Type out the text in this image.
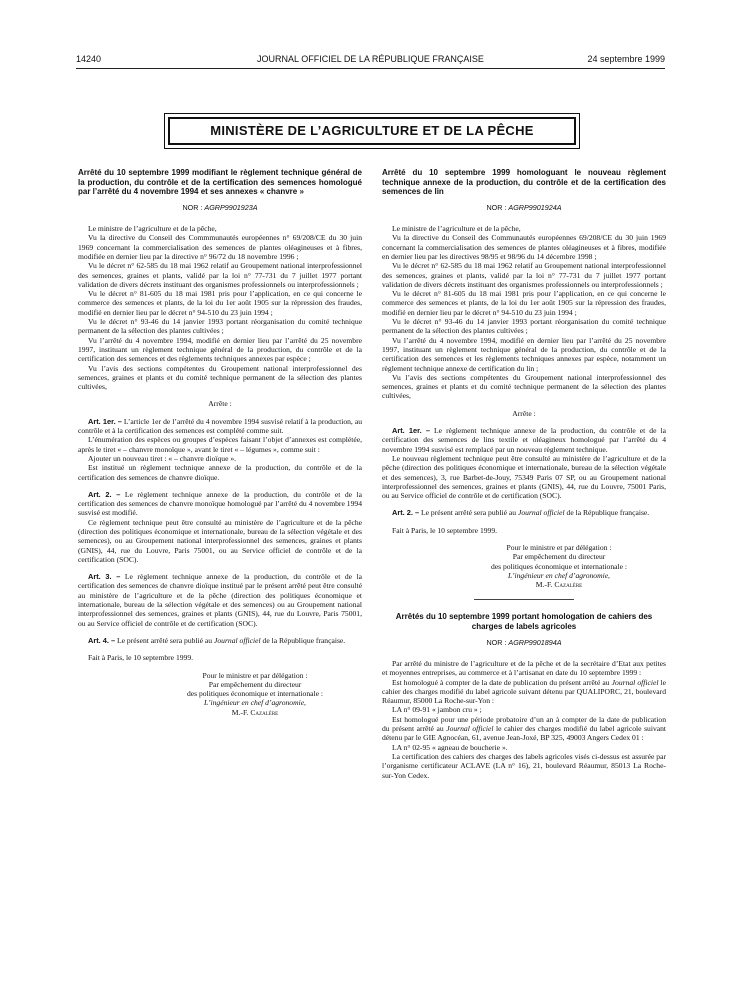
14240	JOURNAL OFFICIEL DE LA RÉPUBLIQUE FRANÇAISE	24 septembre 1999
MINISTÈRE DE L’AGRICULTURE ET DE LA PÊCHE
Arrêté du 10 septembre 1999 modifiant le règlement technique général de la production, du contrôle et de la certification des semences homologué par l’arrêté du 4 novembre 1994 et ses annexes « chanvre »
NOR : AGRP9901923A

Le ministre de l’agriculture et de la pêche,

Vu la directive du Conseil des Commmunautés européennes n° 69/208/CE du 30 juin 1969 concernant la commercialisation des semences de plantes oléagineuses et à fibres, modifiée en dernier lieu par la directive n° 96/72 du 18 novembre 1996 ;

Vu le décret n° 62-585 du 18 mai 1962 relatif au Groupement national interprofessionnel des semences, graines et plants, validé par la loi n° 77-731 du 7 juillet 1977 portant validation de divers décrets instituant des organismes professionnels ou interprofessionnels ;

Vu le décret n° 81-605 du 18 mai 1981 pris pour l’application, en ce qui concerne le commerce des semences et plants, de la loi du 1er août 1905 sur la répression des fraudes, modifié en dernier lieu par le décret n° 94-510 du 23 juin 1994 ;

Vu le décret n° 93-46 du 14 janvier 1993 portant réorganisation du comité technique permanent de la sélection des plantes cultivées ;

Vu l’arrêté du 4 novembre 1994, modifié en dernier lieu par l’arrêté du 25 novembre 1997, instituant un règlement technique général de la production, du contrôle et de la certification des semences et des règlements techniques annexes par espèce ;

Vu l’avis des sections compétentes du Groupement national interprofessionnel des semences, graines et plants et du comité technique permanent de la sélection des plantes cultivées,

Arrête :

Art. 1er. – L’article 1er de l’arrêté du 4 novembre 1994 susvisé relatif à la production, au contrôle et à la certification des semences est complété comme suit.

L’énumération des espèces ou groupes d’espèces faisant l’objet d’annexes est complétée, après le tiret « – chanvre monoïque », avant le tiret « – légumes », comme suit :

Ajouter un nouveau tiret : « – chanvre dioïque ».

Est institué un règlement technique annexe de la production, du contrôle et de la certification des semences de chanvre dioïque.

Art. 2. – Le règlement technique annexe de la production, du contrôle et de la certification des semences de chanvre monoïque homologué par l’arrêté du 4 novembre 1994 susvisé est modifié.

Ce règlement technique peut être consulté au ministère de l’agriculture et de la pêche (direction des politiques économique et internationale, bureau de la sélection végétale et des semences), ou au Groupement national interprofessionnel des semences, graines et plants (GNIS), 44, rue du Louvre, Paris 75001, ou au Service officiel de contrôle et de la certification (SOC).

Art. 3. – Le règlement technique annexe de la production, du contrôle et de la certification des semences de chanvre dioïque institué par le présent arrêté peut être consulté au ministère de l’agriculture et de la pêche (direction des politiques économique et internationale, bureau de la sélection végétale et des semences) ou au Groupement national interprofessionnel des semences, graines et plants (GNIS), 44, rue du Louvre, Paris 75001, ou au Service officiel de contrôle et de certification (SOC).

Art. 4. – Le présent arrêté sera publié au Journal officiel de la République française.

Fait à Paris, le 10 septembre 1999.

Pour le ministre et par délégation :

Par empêchement du directeur

des politiques économique et internationale :

L’ingénieur en chef d’agronomie,

M.-F. Cazalère

Arrêté du 10 septembre 1999 homologuant le nouveau règlement technique annexe de la production, du contrôle et de la certification des semences de lin
NOR : AGRP9901924A

Le ministre de l’agriculture et de la pêche,

Vu la directive du Conseil des Communautés européennes 69/208/CE du 30 juin 1969 concernant la commercialisation des semences de plantes oléagineuses et à fibres, modifiée en dernier lieu par les directives 98/95 et 98/96 du 14 décembre 1998 ;

Vu le décret n° 62-585 du 18 mai 1962 relatif au Groupement national interprofessionnel des semences, graines et plants, validé par la loi n° 77-731 du 7 juillet 1977 portant validation de divers décrets instituant des organismes professionnels ou interprofessionnels ;

Vu le décret n° 81-605 du 18 mai 1981 pris pour l’application, en ce qui concerne le commerce des semences et plants, de la loi du 1er août 1905 sur la répression des fraudes, modifié en dernier lieu par le décret n° 94-510 du 23 juin 1994 ;

Vu le décret n° 93-46 du 14 janvier 1993 portant réorganisation du comité technique permanent de la sélection des plantes cultivées ;

Vu l’arrêté du 4 novembre 1994, modifié en dernier lieu par l’arrêté du 25 novembre 1997, instituant un règlement technique général de la production, du contrôle et de la certification des semences et les règlements techniques annexes par espèce, notamment un règlement technique annexe de certification du lin ;

Vu l’avis des sections compétentes du Groupement national interprofessionnel des semences, graines et plants et du comité technique permanent de la sélection des plantes cultivées,

Arrête :

Art. 1er. – Le règlement technique annexe de la production, du contrôle et de la certification des semences de lins textile et oléagineux homologué par l’arrêté du 4 novembre 1994 susvisé est remplacé par un nouveau règlement technique.

Le nouveau règlement technique peut être consulté au ministère de l’agriculture et de la pêche (direction des politiques économique et internationale, bureau de la sélection végétale et des semences), 3, rue Barbet-de-Jouy, 75349 Paris 07 SP, ou au Groupement national interprofessionnel des semences, graines et plants (GNIS), 44, rue du Louvre, 75001 Paris, ou au Service officiel de contrôle et de certification (SOC).

Art. 2. – Le présent arrêté sera publié au Journal officiel de la République française.

Fait à Paris, le 10 septembre 1999.

Pour le ministre et par délégation :

Par empêchement du directeur

des politiques économique et internationale :

L’ingénieur en chef d’agronomie,

M.-F. Cazalère

Arrêtés du 10 septembre 1999 portant homologation de cahiers des charges de labels agricoles
NOR : AGRP9901894A

Par arrêté du ministre de l’agriculture et de la pêche et de la secrétaire d’Etat aux petites et moyennes entreprises, au commerce et à l’artisanat en date du 10 septembre 1999 :

Est homologué à compter de la date de publication du présent arrêté au Journal officiel le cahier des charges modifié du label agricole suivant détenu par QUALIPORC, 21, boulevard Réaumur, 85000 La Roche-sur-Yon :

LA n° 09-91 « jambon cru » ;

Est homologué pour une période probatoire d’un an à compter de la date de publication du présent arrêté au Journal officiel le cahier des charges modifié du label agricole suivant détenu par le GIE Agnocéan, 61, avenue Jean-Joxé, BP 325, 49003 Angers Cedex 01 :

LA n° 02-95 « agneau de boucherie ».

La certification des cahiers des charges des labels agricoles visés ci-dessus est assurée par l’organisme certificateur ACLAVE (LA n° 16), 21, boulevard Réaumur, 85013 La Roche-sur-Yon Cedex.
